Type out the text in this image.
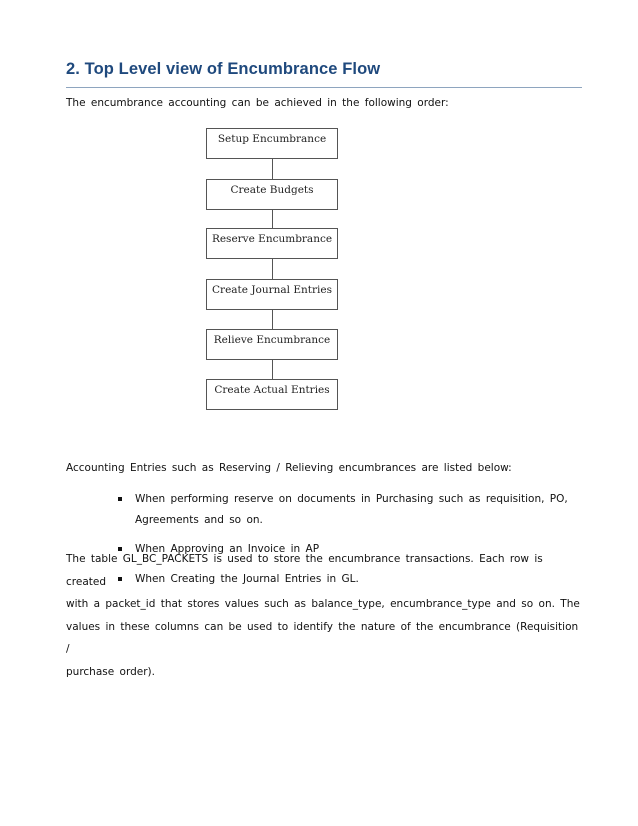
2. Top Level view of Encumbrance Flow

The encumbrance accounting can be achieved in the following order:

Setup Encumbrance
Create Budgets
Reserve Encumbrance
Create Journal Entries
Relieve Encumbrance
Create Actual Entries

Accounting Entries such as Reserving / Relieving encumbrances are listed below:

When performing reserve on documents in Purchasing such as requisition, PO,
Agreements and so on.
When Approving an Invoice in AP
When Creating the Journal Entries in GL.

The table GL_BC_PACKETS is used to store the encumbrance transactions. Each row is created
with a packet_id that stores values such as balance_type, encumbrance_type and so on. The
values in these columns can be used to identify the nature of the encumbrance (Requisition /
purchase order).
